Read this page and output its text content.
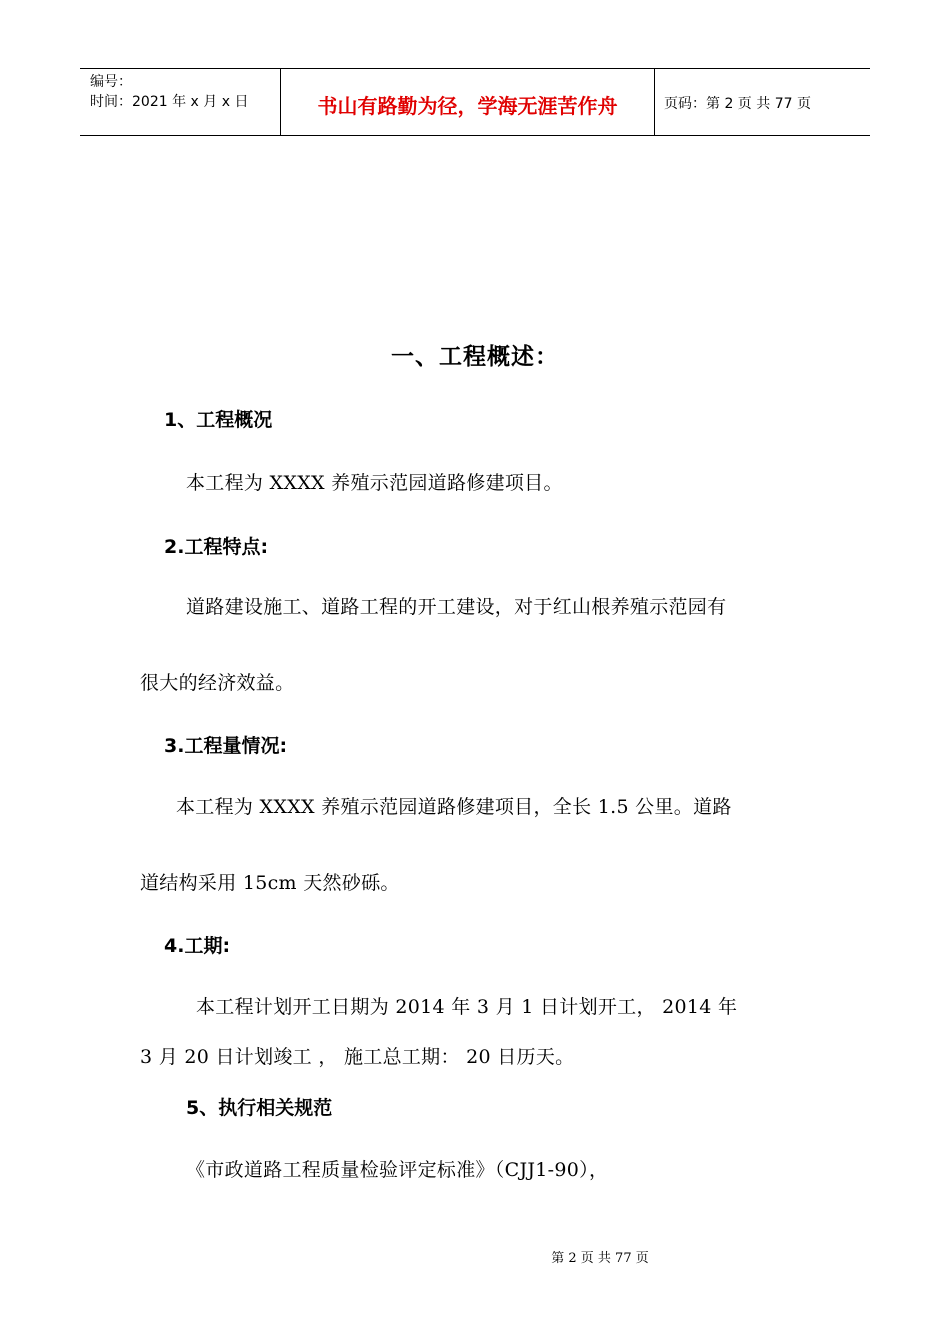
编号：
时间：2021 年 x 月 x 日	书山有路勤为径，学海无涯苦作舟	页码：第 2 页 共 77 页
一、工程概述：
1、工程概况
本工程为 XXXX 养殖示范园道路修建项目。
2.工程特点:
道路建设施工、道路工程的开工建设，对于红山根养殖示范园有
很大的经济效益。
3.工程量情况:
本工程为 XXXX 养殖示范园道路修建项目，全长 1.5 公里。道路
道结构采用 15cm 天然砂砾。
4.工期:
本工程计划开工日期为 2014 年 3 月 1 日计划开工， 2014 年
3 月 20 日计划竣工 ， 施工总工期： 20 日历天。
5、执行相关规范
《市政道路工程质量检验评定标准》（CJJ1-90），
第 2 页 共 77 页
